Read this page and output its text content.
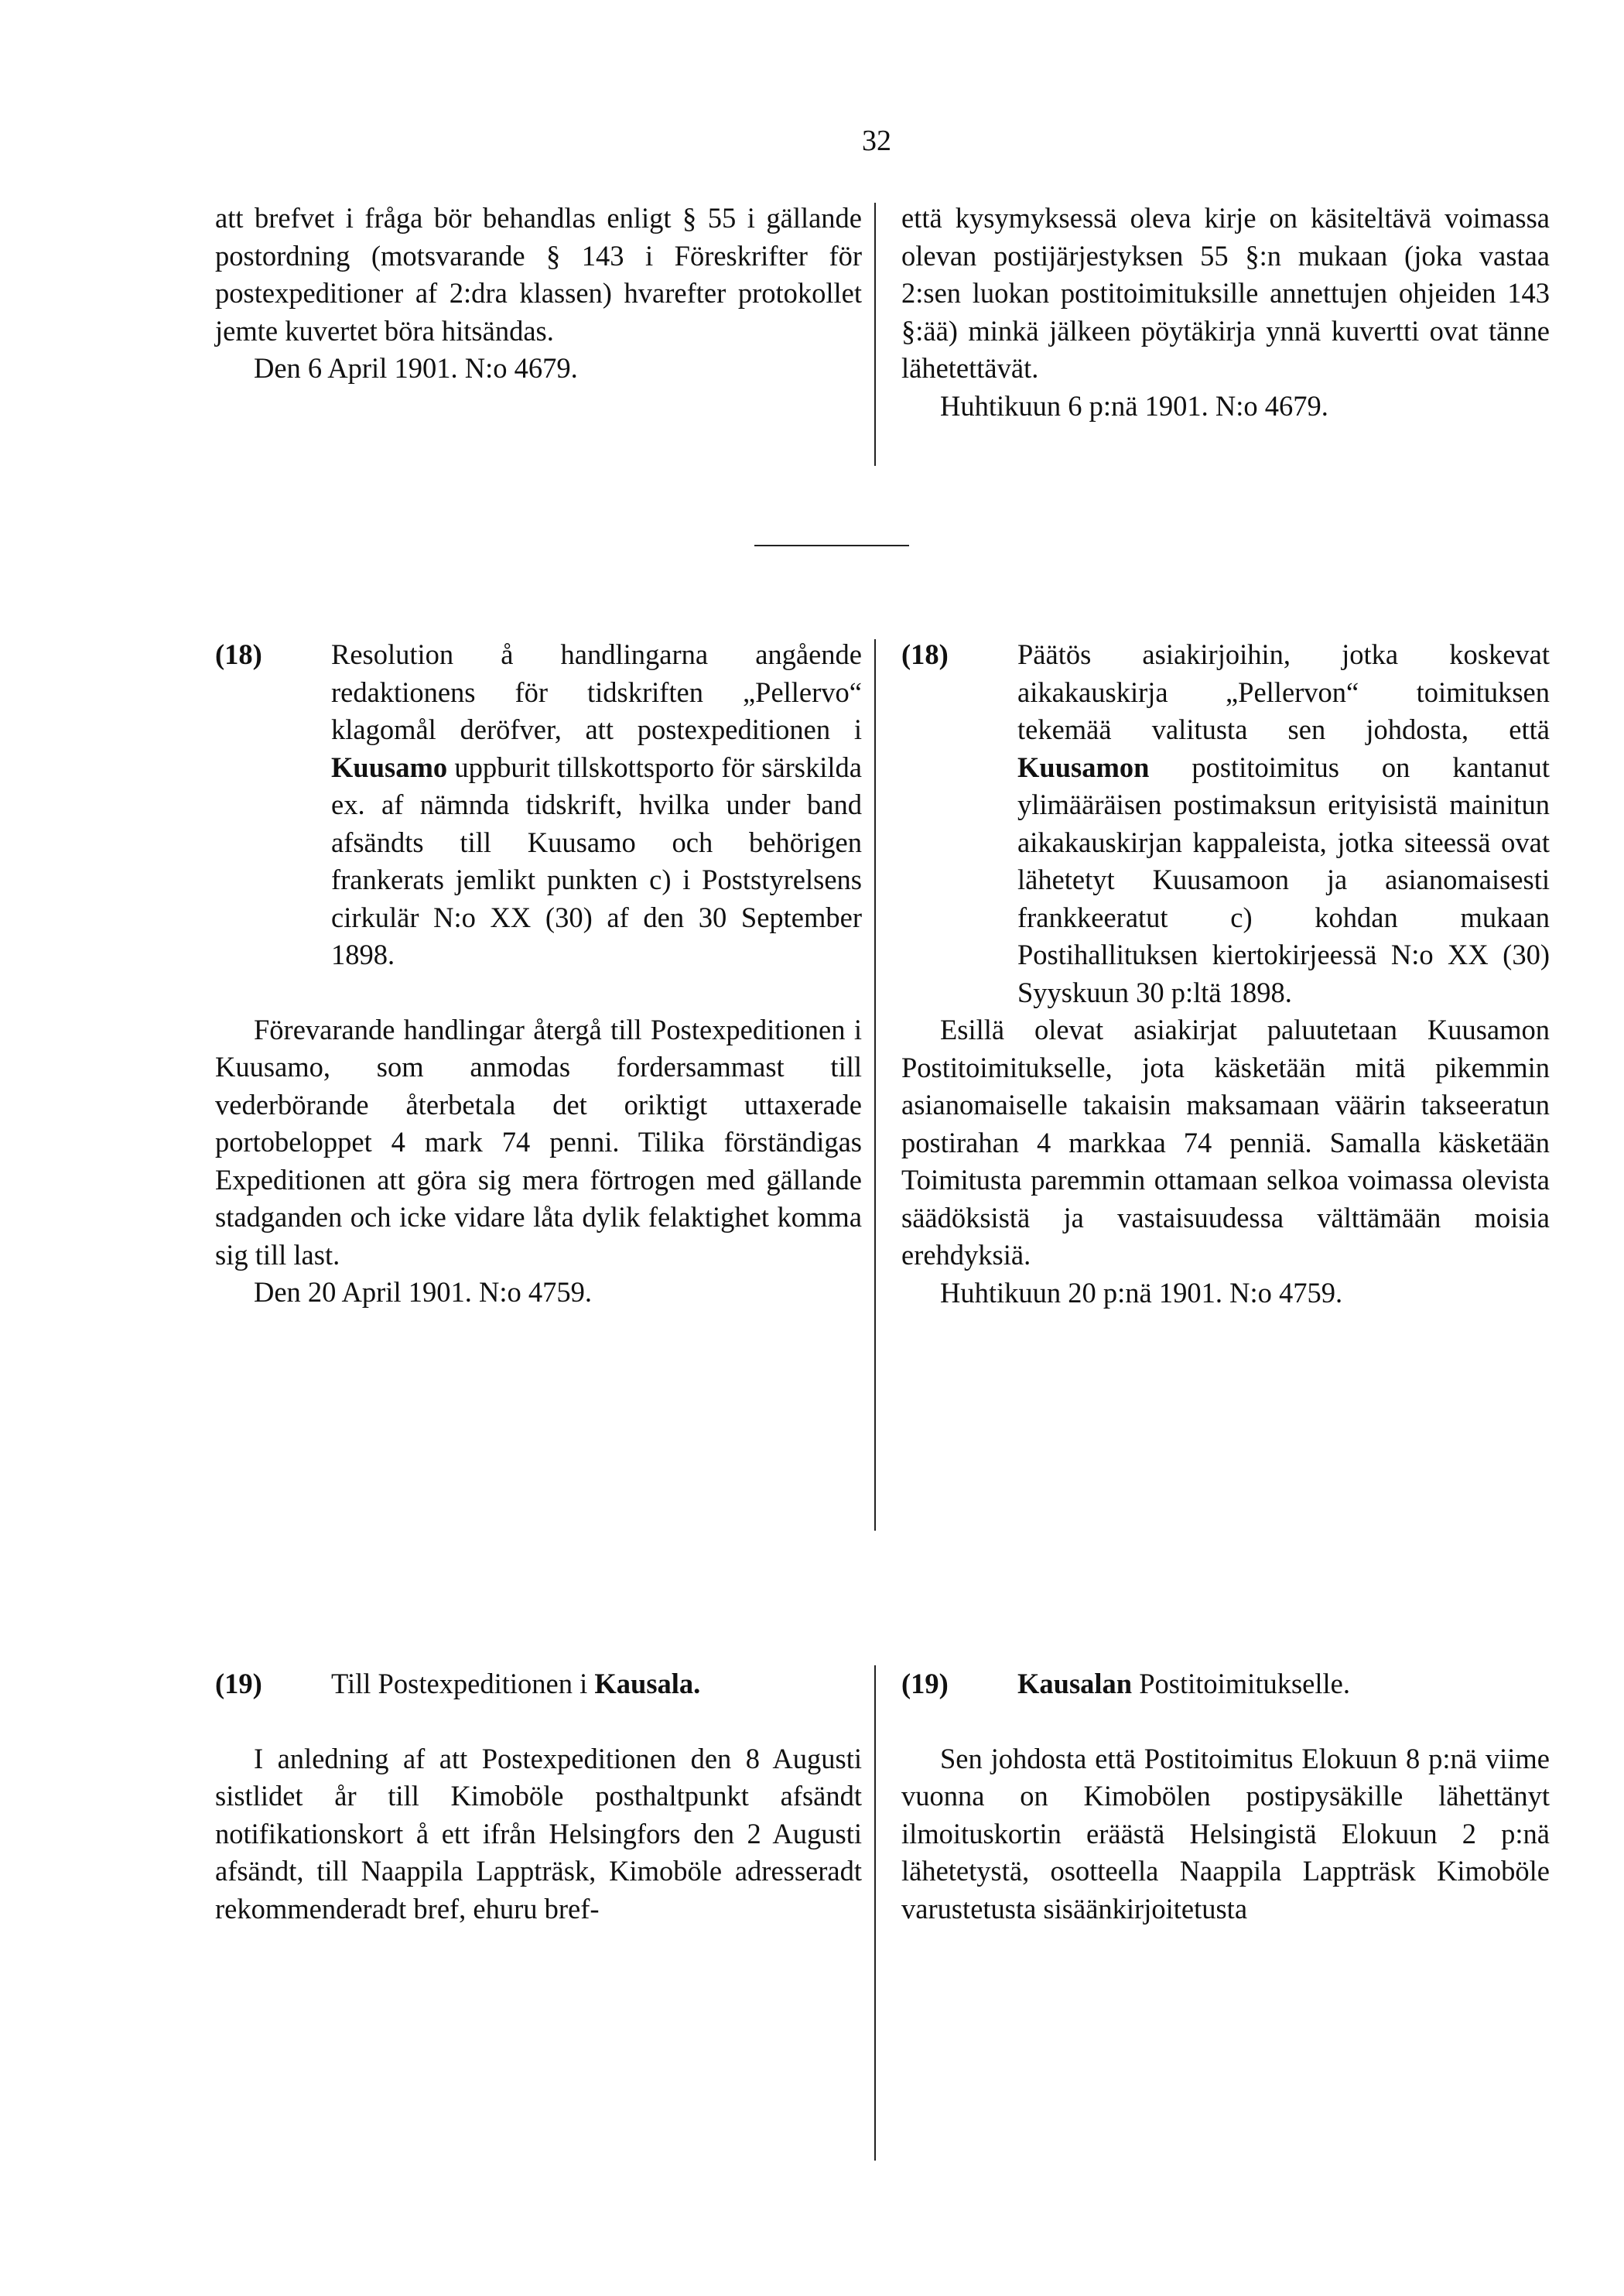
32

att brefvet i fråga bör behandlas enligt § 55 i gällande postordning (motsvarande § 143 i Föreskrifter för postexpeditioner af 2:dra klassen) hvarefter protokollet jemte kuvertet böra hitsändas.

Den 6 April 1901. N:o 4679.

että kysymyksessä oleva kirje on käsiteltävä voimassa olevan postijärjestyksen 55 §:n mukaan (joka vastaa 2:sen luokan postitoimituksille annettujen ohjeiden 143 §:ää) minkä jälkeen pöytäkirja ynnä kuvertti ovat tänne lähetettävät.

Huhtikuun 6 p:nä 1901. N:o 4679.

(18)	Resolution å handlingarna angående redaktionens för tidskriften „Pellervo“ klagomål deröfver, att postexpeditionen i Kuusamo uppburit tillskottsporto för särskilda ex. af nämnda tidskrift, hvilka under band afsändts till Kuusamo och behörigen frankerats jemlikt punkten c) i Poststyrelsens cirkulär N:o XX (30) af den 30 September 1898.

Förevarande handlingar återgå till Postexpeditionen i Kuusamo, som anmodas fordersammast till vederbörande återbetala det oriktigt uttaxerade portobeloppet 4 mark 74 penni. Tilika förständigas Expeditionen att göra sig mera förtrogen med gällande stadganden och icke vidare låta dylik felaktighet komma sig till last.

Den 20 April 1901. N:o 4759.

(18)	Päätös asiakirjoihin, jotka koskevat aikakauskirja „Pellervon“ toimituksen tekemää valitusta sen johdosta, että Kuusamon postitoimitus on kantanut ylimääräisen postimaksun erityisistä mainitun aikakauskirjan kappaleista, jotka siteessä ovat lähetetyt Kuusamoon ja asianomaisesti frankkeeratut c) kohdan mukaan Postihallituksen kiertokirjeessä N:o XX (30) Syyskuun 30 p:ltä 1898.

Esillä olevat asiakirjat paluutetaan Kuusamon Postitoimitukselle, jota käsketään mitä pikemmin asianomaiselle takaisin maksamaan väärin takseeratun postirahan 4 markkaa 74 penniä. Samalla käsketään Toimitusta paremmin ottamaan selkoa voimassa olevista säädöksistä ja vastaisuudessa välttämään moisia erehdyksiä.

Huhtikuun 20 p:nä 1901. N:o 4759.

(19)	Till Postexpeditionen i Kausala.

I anledning af att Postexpeditionen den 8 Augusti sistlidet år till Kimoböle posthaltpunkt afsändt notifikationskort å ett ifrån Helsingfors den 2 Augusti afsändt, till Naappila Lappträsk, Kimoböle adresseradt rekommenderadt bref, ehuru bref-

(19)	Kausalan Postitoimitukselle.

Sen johdosta että Postitoimitus Elokuun 8 p:nä viime vuonna on Kimobölen postipysäkille lähettänyt ilmoituskortin eräästä Helsingistä Elokuun 2 p:nä lähetetystä, osotteella Naappila Lappträsk Kimoböle varustetusta sisäänkirjoitetusta
